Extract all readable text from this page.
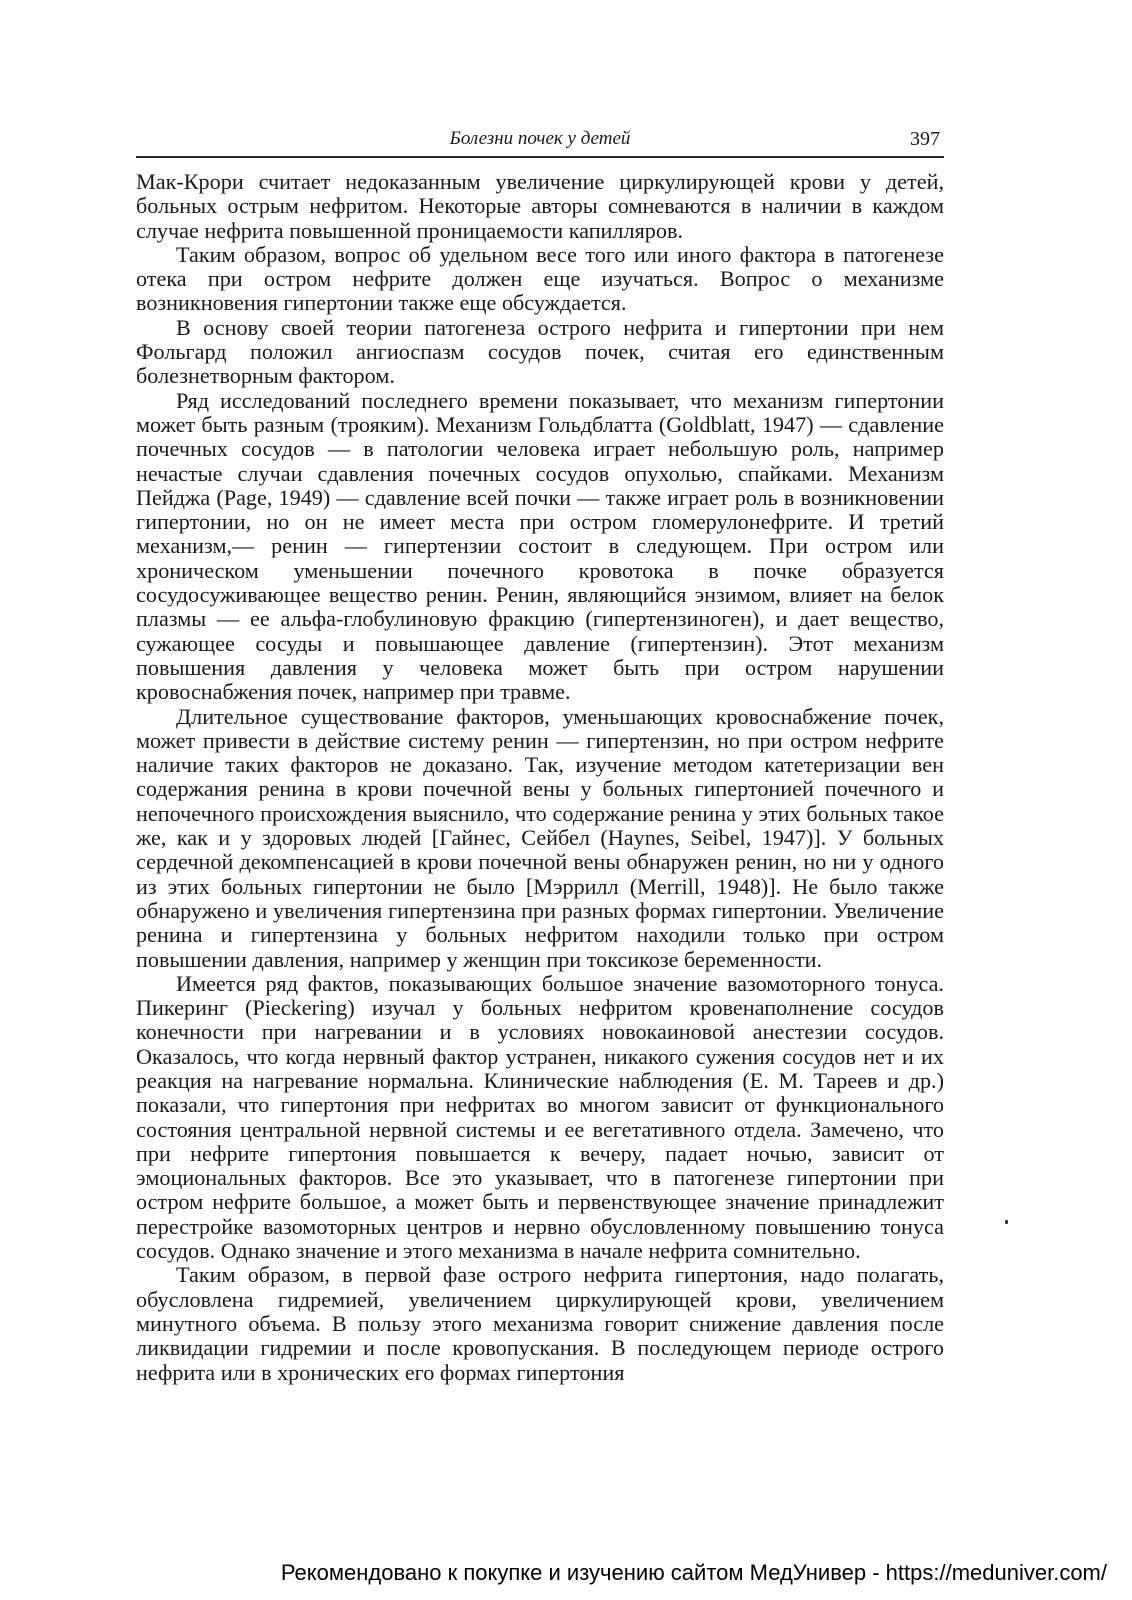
Болезни почек у детей	397

Мак-Крори считает недоказанным увеличение циркулирующей крови у детей, больных острым нефритом. Некоторые авторы сомневаются в наличии в каждом случае нефрита повышенной проницаемости капилляров.

Таким образом, вопрос об удельном весе того или иного фактора в патогенезе отека при остром нефрите должен еще изучаться. Вопрос о механизме возникновения гипертонии также еще обсуждается.

В основу своей теории патогенеза острого нефрита и гипертонии при нем Фольгард положил ангиоспазм сосудов почек, считая его единственным болезнетворным фактором.

Ряд исследований последнего времени показывает, что механизм гипертонии может быть разным (трояким). Механизм Гольдблатта (Goldblatt, 1947) — сдавление почечных сосудов — в патологии человека играет небольшую роль, например нечастые случаи сдавления почечных сосудов опухолью, спайками. Механизм Пейджа (Page, 1949) — сдавление всей почки — также играет роль в возникновении гипертонии, но он не имеет места при остром гломерулонефрите. И третий механизм,— ренин — гипертензии состоит в следующем. При остром или хроническом уменьшении почечного кровотока в почке образуется сосудосуживающее вещество ренин. Ренин, являющийся энзимом, влияет на белок плазмы — ее альфа-глобулиновую фракцию (гипертензиноген), и дает вещество, сужающее сосуды и повышающее давление (гипертензин). Этот механизм повышения давления у человека может быть при остром нарушении кровоснабжения почек, например при травме.

Длительное существование факторов, уменьшающих кровоснабжение почек, может привести в действие систему ренин — гипертензин, но при остром нефрите наличие таких факторов не доказано. Так, изучение методом катетеризации вен содержания ренина в крови почечной вены у больных гипертонией почечного и непочечного происхождения выяснило, что содержание ренина у этих больных такое же, как и у здоровых людей [Гайнес, Сейбел (Haynes, Seibel, 1947)]. У больных сердечной декомпенсацией в крови почечной вены обнаружен ренин, но ни у одного из этих больных гипертонии не было [Мэррилл (Merrill, 1948)]. Не было также обнаружено и увеличения гипертензина при разных формах гипертонии. Увеличение ренина и гипертензина у больных нефритом находили только при остром повышении давления, например у женщин при токсикозе беременности.

Имеется ряд фактов, показывающих большое значение вазомоторного тонуса. Пикеринг (Pieckering) изучал у больных нефритом кровенаполнение сосудов конечности при нагревании и в условиях новокаиновой анестезии сосудов. Оказалось, что когда нервный фактор устранен, никакого сужения сосудов нет и их реакция на нагревание нормальна. Клинические наблюдения (Е. М. Тареев и др.) показали, что гипертония при нефритах во многом зависит от функционального состояния центральной нервной системы и ее вегетативного отдела. Замечено, что при нефрите гипертония повышается к вечеру, падает ночью, зависит от эмоциональных факторов. Все это указывает, что в патогенезе гипертонии при остром нефрите большое, а может быть и первенствующее значение принадлежит перестройке вазомоторных центров и нервно обусловленному повышению тонуса сосудов. Однако значение и этого механизма в начале нефрита сомнительно.

Таким образом, в первой фазе острого нефрита гипертония, надо полагать, обусловлена гидремией, увеличением циркулирующей крови, увеличением минутного объема. В пользу этого механизма говорит снижение давления после ликвидации гидремии и после кровопускания. В последующем периоде острого нефрита или в хронических его формах гипертония

Рекомендовано к покупке и изучению сайтом МедУнивер - https://meduniver.com/
